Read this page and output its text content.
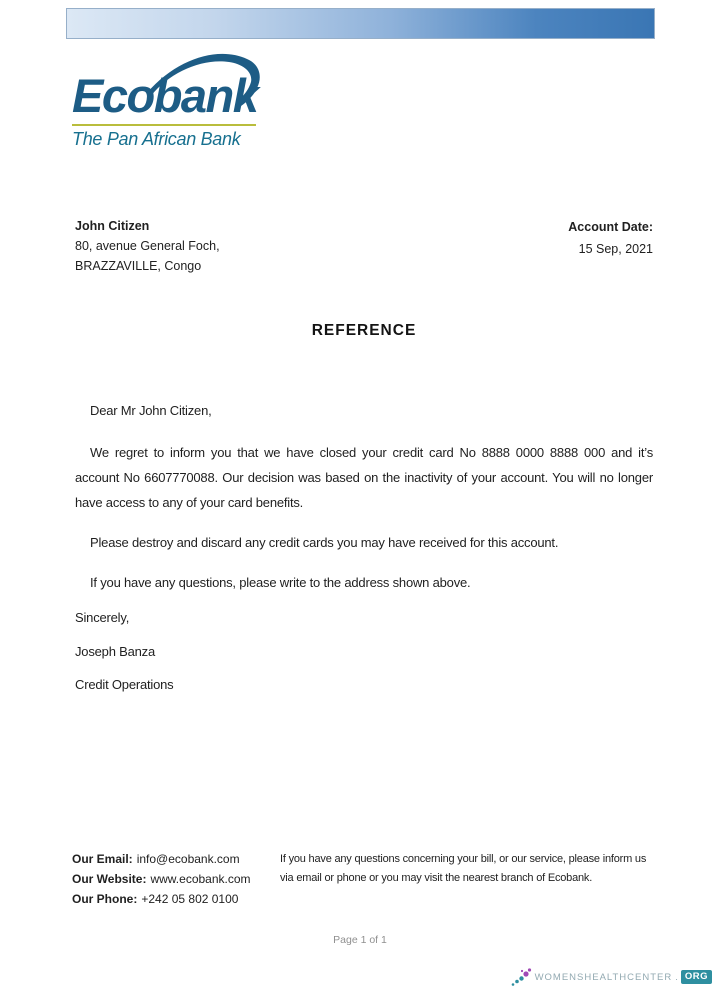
Ecobank
The Pan African Bank
John Citizen
80, avenue General Foch,
BRAZZAVILLE, Congo
Account Date:
15 Sep, 2021
REFERENCE

Dear Mr John Citizen,

We regret to inform you that we have closed your credit card No 8888 0000 8888 000 and it’s account No 6607770088. Our decision was based on the inactivity of your account. You will no longer have access to any of your card benefits.

Please destroy and discard any credit cards you may have received for this account.

If you have any questions, please write to the address shown above.

Sincerely,

Joseph Banza

Credit Operations

Our Email: info@ecobank.com
Our Website: www.ecobank.com
Our Phone: +242 05 802 0100
If you have any questions concerning your bill, or our service, please inform us via email or phone or you may visit the nearest branch of Ecobank.
Page 1 of 1
WOMENSHEALTHCENTER . ORG
